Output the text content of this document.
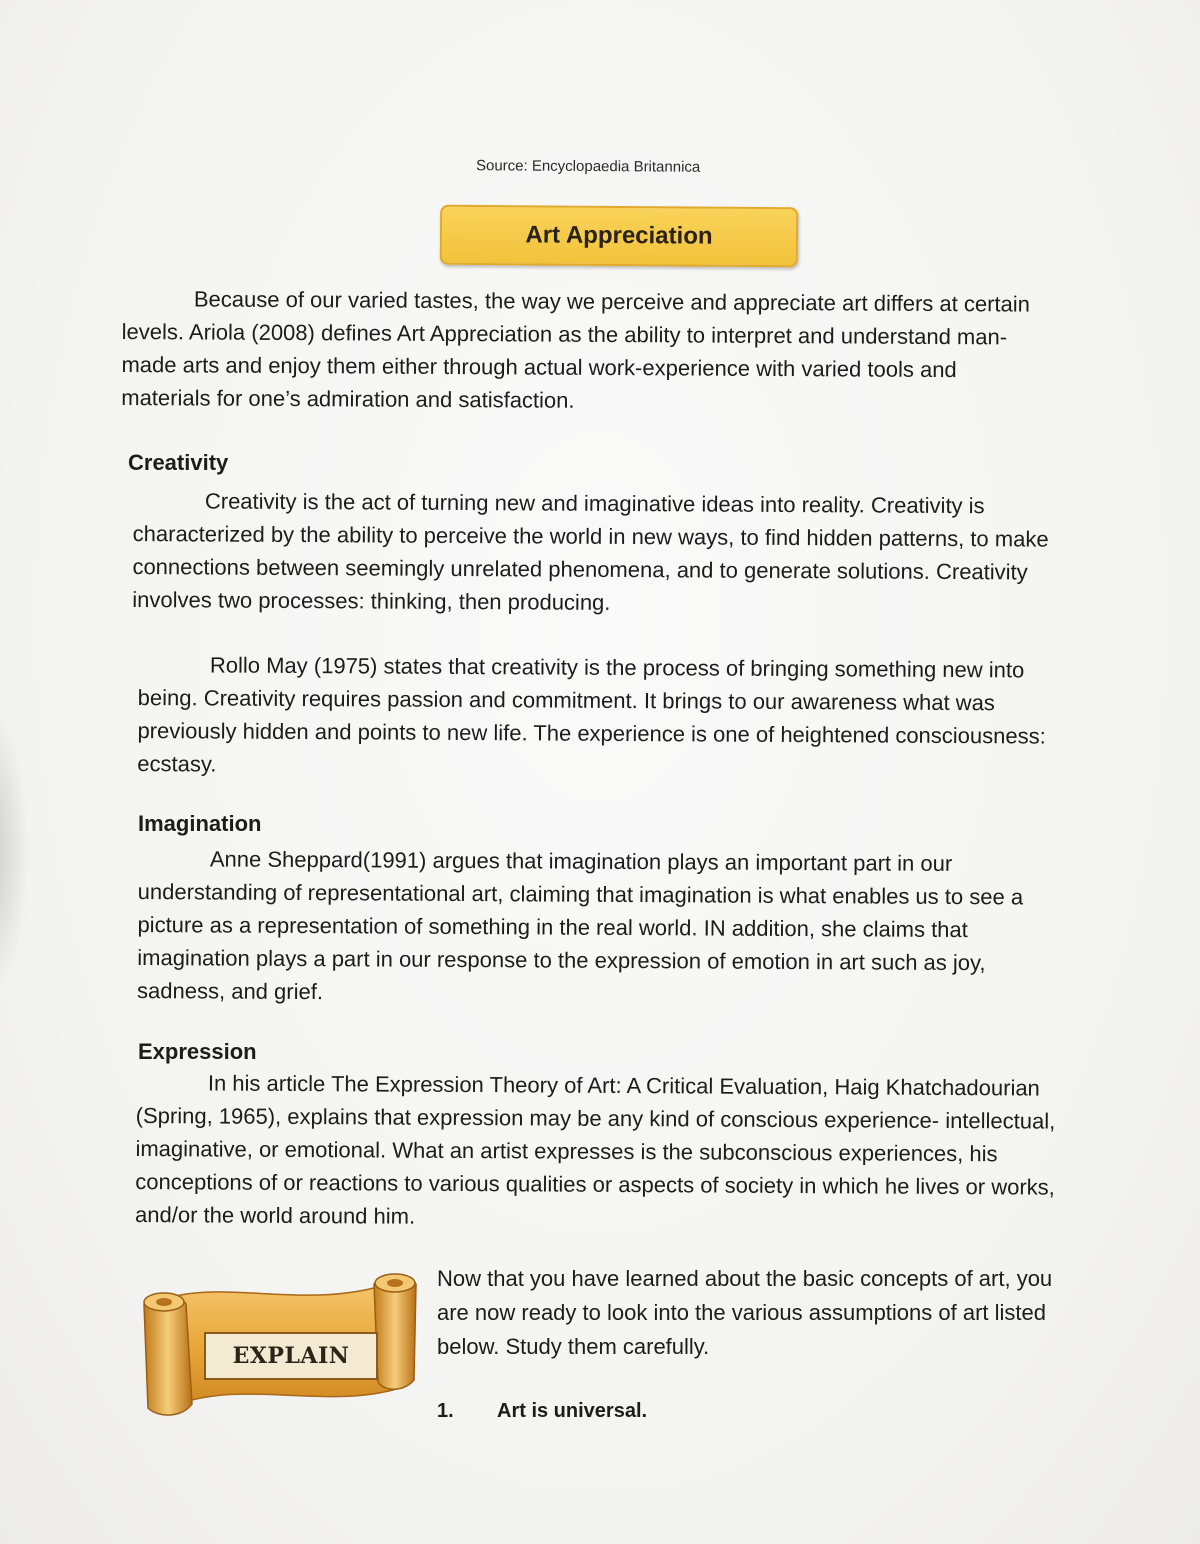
Source: Encyclopaedia Britannica
Art Appreciation

Because of our varied tastes, the way we perceive and appreciate art differs at certain levels. Ariola (2008) defines Art Appreciation as the ability to interpret and understand man-made arts and enjoy them either through actual work-experience with varied tools and materials for one’s admiration and satisfaction.

Creativity

Creativity is the act of turning new and imaginative ideas into reality. Creativity is characterized by the ability to perceive the world in new ways, to find hidden patterns, to make connections between seemingly unrelated phenomena, and to generate solutions. Creativity involves two processes: thinking, then producing.

Rollo May (1975) states that creativity is the process of bringing something new into being. Creativity requires passion and commitment. It brings to our awareness what was previously hidden and points to new life. The experience is one of heightened consciousness: ecstasy.

Imagination

Anne Sheppard(1991) argues that imagination plays an important part in our understanding of representational art, claiming that imagination is what enables us to see a picture as a representation of something in the real world. IN addition, she claims that imagination plays a part in our response to the expression of emotion in art such as joy, sadness, and grief.

Expression

In his article The Expression Theory of Art: A Critical Evaluation, Haig Khatchadourian (Spring, 1965), explains that expression may be any kind of conscious experience- intellectual, imaginative, or emotional. What an artist expresses is the subconscious experiences, his conceptions of or reactions to various qualities or aspects of society in which he lives or works, and/or the world around him.

EXPLAIN

Now that you have learned about the basic concepts of art, you are now ready to look into the various assumptions of art listed below. Study them carefully.

1.	Art is universal.
